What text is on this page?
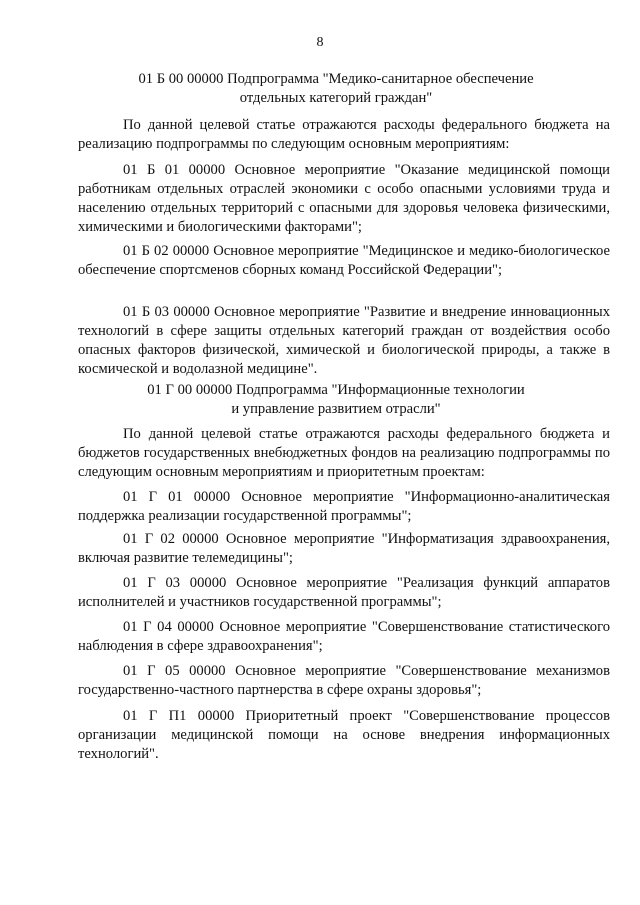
8
01 Б 00 00000 Подпрограмма "Медико-санитарное обеспечение
отдельных категорий граждан"
По данной целевой статье отражаются расходы федерального бюджета на реализацию подпрограммы по следующим основным мероприятиям:
01 Б 01 00000 Основное мероприятие "Оказание медицинской помощи работникам отдельных отраслей экономики с особо опасными условиями труда и населению отдельных территорий с опасными для здоровья человека физическими, химическими и биологическими факторами";
01 Б 02 00000 Основное мероприятие "Медицинское и медико-биологическое обеспечение спортсменов сборных команд Российской Федерации";
01 Б 03 00000 Основное мероприятие "Развитие и внедрение инновационных технологий в сфере защиты отдельных категорий граждан от воздействия особо опасных факторов физической, химической и биологической природы, а также в космической и водолазной медицине".
01 Г 00 00000 Подпрограмма "Информационные технологии
и управление развитием отрасли"
По данной целевой статье отражаются расходы федерального бюджета и бюджетов государственных внебюджетных фондов на реализацию подпрограммы по следующим основным мероприятиям и приоритетным проектам:
01 Г 01 00000 Основное мероприятие "Информационно-аналитическая поддержка реализации государственной программы";
01 Г 02 00000 Основное мероприятие "Информатизация здравоохранения, включая развитие телемедицины";
01 Г 03 00000 Основное мероприятие "Реализация функций аппаратов исполнителей и участников государственной программы";
01 Г 04 00000 Основное мероприятие "Совершенствование статистического наблюдения в сфере здравоохранения";
01 Г 05 00000 Основное мероприятие "Совершенствование механизмов государственно-частного партнерства в сфере охраны здоровья";
01 Г П1 00000 Приоритетный проект "Совершенствование процессов организации медицинской помощи на основе внедрения информационных технологий".
